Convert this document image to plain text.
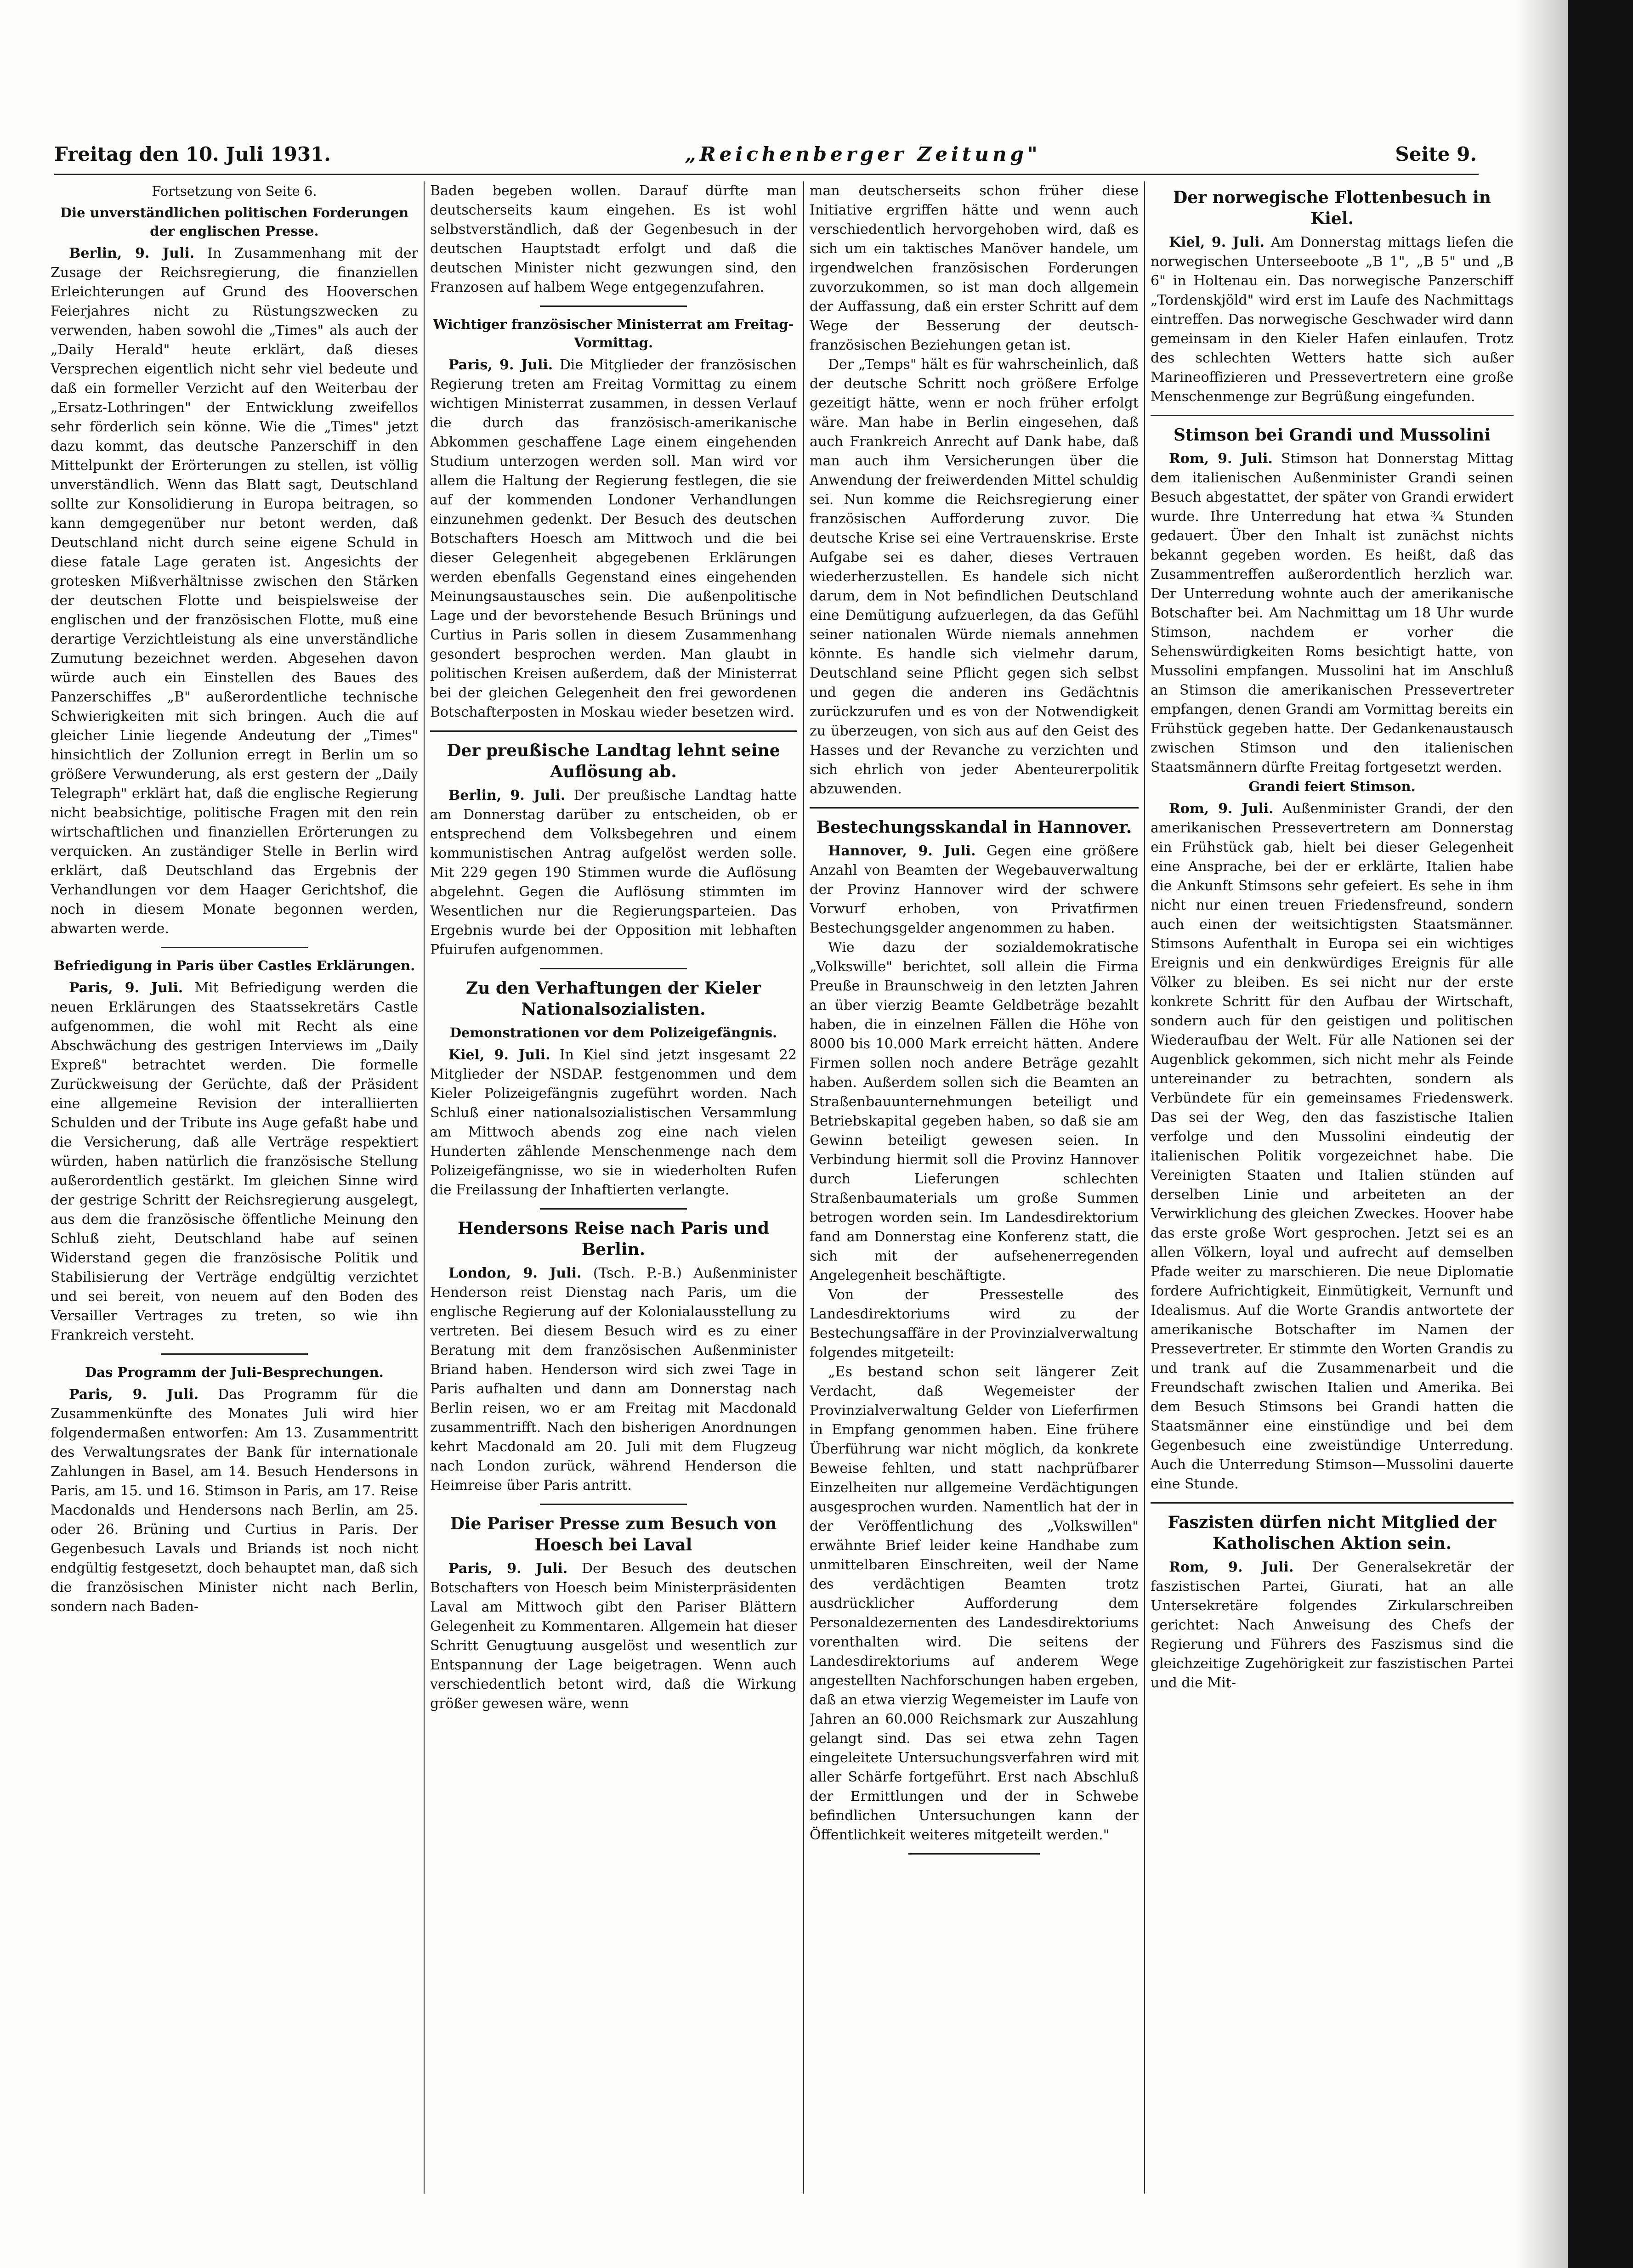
Freitag den 10. Juli 1931.	„Reichenberger Zeitung"	Seite 9.
Fortsetzung von Seite 6.
Die unverständlichen politischen Forderungen der englischen Presse.

Berlin, 9. Juli. In Zusammenhang mit der Zusage der Reichsregierung, die finanziellen Erleichterungen auf Grund des Hooverschen Feierjahres nicht zu Rüstungszwecken zu verwenden, haben sowohl die „Times" als auch der „Daily Herald" heute erklärt, daß dieses Versprechen eigentlich nicht sehr viel bedeute und daß ein formeller Verzicht auf den Weiterbau der „Ersatz-Lothringen" der Entwicklung zweifellos sehr förderlich sein könne. Wie die „Times" jetzt dazu kommt, das deutsche Panzerschiff in den Mittelpunkt der Erörterungen zu stellen, ist völlig unverständlich. Wenn das Blatt sagt, Deutschland sollte zur Konsolidierung in Europa beitragen, so kann demgegenüber nur betont werden, daß Deutschland nicht durch seine eigene Schuld in diese fatale Lage geraten ist. Angesichts der grotesken Mißverhältnisse zwischen den Stärken der deutschen Flotte und beispielsweise der englischen und der französischen Flotte, muß eine derartige Verzichtleistung als eine unverständliche Zumutung bezeichnet werden. Abgesehen davon würde auch ein Einstellen des Baues des Panzerschiffes „B" außerordentliche technische Schwierigkeiten mit sich bringen. Auch die auf gleicher Linie liegende Andeutung der „Times" hinsichtlich der Zollunion erregt in Berlin um so größere Verwunderung, als erst gestern der „Daily Telegraph" erklärt hat, daß die englische Regierung nicht beabsichtige, politische Fragen mit den rein wirtschaftlichen und finanziellen Erörterungen zu verquicken. An zuständiger Stelle in Berlin wird erklärt, daß Deutschland das Ergebnis der Verhandlungen vor dem Haager Gerichtshof, die noch in diesem Monate begonnen werden, abwarten werde.

Befriedigung in Paris über Castles Erklärungen.

Paris, 9. Juli. Mit Befriedigung werden die neuen Erklärungen des Staatssekretärs Castle aufgenommen, die wohl mit Recht als eine Abschwächung des gestrigen Interviews im „Daily Expreß" betrachtet werden. Die formelle Zurückweisung der Gerüchte, daß der Präsident eine allgemeine Revision der interalliierten Schulden und der Tribute ins Auge gefaßt habe und die Versicherung, daß alle Verträge respektiert würden, haben natürlich die französische Stellung außerordentlich gestärkt. Im gleichen Sinne wird der gestrige Schritt der Reichsregierung ausgelegt, aus dem die französische öffentliche Meinung den Schluß zieht, Deutschland habe auf seinen Widerstand gegen die französische Politik und Stabilisierung der Verträge endgültig verzichtet und sei bereit, von neuem auf den Boden des Versailler Vertrages zu treten, so wie ihn Frankreich versteht.

Das Programm der Juli-Besprechungen.

Paris, 9. Juli. Das Programm für die Zusammenkünfte des Monates Juli wird hier folgendermaßen entworfen: Am 13. Zusammentritt des Verwaltungsrates der Bank für internationale Zahlungen in Basel, am 14. Besuch Hendersons in Paris, am 15. und 16. Stimson in Paris, am 17. Reise Macdonalds und Hendersons nach Berlin, am 25. oder 26. Brüning und Curtius in Paris. Der Gegenbesuch Lavals und Briands ist noch nicht endgültig festgesetzt, doch behauptet man, daß sich die französischen Minister nicht nach Berlin, sondern nach Baden-

Baden begeben wollen. Darauf dürfte man deutscherseits kaum eingehen. Es ist wohl selbstverständlich, daß der Gegenbesuch in der deutschen Hauptstadt erfolgt und daß die deutschen Minister nicht gezwungen sind, den Franzosen auf halbem Wege entgegenzufahren.

Wichtiger französischer Ministerrat am Freitag-Vormittag.

Paris, 9. Juli. Die Mitglieder der französischen Regierung treten am Freitag Vormittag zu einem wichtigen Ministerrat zusammen, in dessen Verlauf die durch das französisch-amerikanische Abkommen geschaffene Lage einem eingehenden Studium unterzogen werden soll. Man wird vor allem die Haltung der Regierung festlegen, die sie auf der kommenden Londoner Verhandlungen einzunehmen gedenkt. Der Besuch des deutschen Botschafters Hoesch am Mittwoch und die bei dieser Gelegenheit abgegebenen Erklärungen werden ebenfalls Gegenstand eines eingehenden Meinungsaustausches sein. Die außenpolitische Lage und der bevorstehende Besuch Brünings und Curtius in Paris sollen in diesem Zusammenhang gesondert besprochen werden. Man glaubt in politischen Kreisen außerdem, daß der Ministerrat bei der gleichen Gelegenheit den frei gewordenen Botschafterposten in Moskau wieder besetzen wird.

Der preußische Landtag lehnt seine Auflösung ab.

Berlin, 9. Juli. Der preußische Landtag hatte am Donnerstag darüber zu entscheiden, ob er entsprechend dem Volksbegehren und einem kommunistischen Antrag aufgelöst werden solle. Mit 229 gegen 190 Stimmen wurde die Auflösung abgelehnt. Gegen die Auflösung stimmten im Wesentlichen nur die Regierungsparteien. Das Ergebnis wurde bei der Opposition mit lebhaften Pfuirufen aufgenommen.

Zu den Verhaftungen der Kieler Nationalsozialisten.
Demonstrationen vor dem Polizeigefängnis.

Kiel, 9. Juli. In Kiel sind jetzt insgesamt 22 Mitglieder der NSDAP. festgenommen und dem Kieler Polizeigefängnis zugeführt worden. Nach Schluß einer nationalsozialistischen Versammlung am Mittwoch abends zog eine nach vielen Hunderten zählende Menschenmenge nach dem Polizeigefängnisse, wo sie in wiederholten Rufen die Freilassung der Inhaftierten verlangte.

Hendersons Reise nach Paris und Berlin.

London, 9. Juli. (Tsch. P.-B.) Außenminister Henderson reist Dienstag nach Paris, um die englische Regierung auf der Kolonialausstellung zu vertreten. Bei diesem Besuch wird es zu einer Beratung mit dem französischen Außenminister Briand haben. Henderson wird sich zwei Tage in Paris aufhalten und dann am Donnerstag nach Berlin reisen, wo er am Freitag mit Macdonald zusammentrifft. Nach den bisherigen Anordnungen kehrt Macdonald am 20. Juli mit dem Flugzeug nach London zurück, während Henderson die Heimreise über Paris antritt.

Die Pariser Presse zum Besuch von Hoesch bei Laval

Paris, 9. Juli. Der Besuch des deutschen Botschafters von Hoesch beim Ministerpräsidenten Laval am Mittwoch gibt den Pariser Blättern Gelegenheit zu Kommentaren. Allgemein hat dieser Schritt Genugtuung ausgelöst und wesentlich zur Entspannung der Lage beigetragen. Wenn auch verschiedentlich betont wird, daß die Wirkung größer gewesen wäre, wenn

man deutscherseits schon früher diese Initiative ergriffen hätte und wenn auch verschiedentlich hervorgehoben wird, daß es sich um ein taktisches Manöver handele, um irgendwelchen französischen Forderungen zuvorzukommen, so ist man doch allgemein der Auffassung, daß ein erster Schritt auf dem Wege der Besserung der deutsch-französischen Beziehungen getan ist.

Der „Temps" hält es für wahrscheinlich, daß der deutsche Schritt noch größere Erfolge gezeitigt hätte, wenn er noch früher erfolgt wäre. Man habe in Berlin eingesehen, daß auch Frankreich Anrecht auf Dank habe, daß man auch ihm Versicherungen über die Anwendung der freiwerdenden Mittel schuldig sei. Nun komme die Reichsregierung einer französischen Aufforderung zuvor. Die deutsche Krise sei eine Vertrauenskrise. Erste Aufgabe sei es daher, dieses Vertrauen wiederherzustellen. Es handele sich nicht darum, dem in Not befindlichen Deutschland eine Demütigung aufzuerlegen, da das Gefühl seiner nationalen Würde niemals annehmen könnte. Es handle sich vielmehr darum, Deutschland seine Pflicht gegen sich selbst und gegen die anderen ins Gedächtnis zurückzurufen und es von der Notwendigkeit zu überzeugen, von sich aus auf den Geist des Hasses und der Revanche zu verzichten und sich ehrlich von jeder Abenteurerpolitik abzuwenden.

Bestechungsskandal in Hannover.

Hannover, 9. Juli. Gegen eine größere Anzahl von Beamten der Wegebauverwaltung der Provinz Hannover wird der schwere Vorwurf erhoben, von Privatfirmen Bestechungsgelder angenommen zu haben.

Wie dazu der sozialdemokratische „Volkswille" berichtet, soll allein die Firma Preuße in Braunschweig in den letzten Jahren an über vierzig Beamte Geldbeträge bezahlt haben, die in einzelnen Fällen die Höhe von 8000 bis 10.000 Mark erreicht hätten. Andere Firmen sollen noch andere Beträge gezahlt haben. Außerdem sollen sich die Beamten an Straßenbauunternehmungen beteiligt und Betriebskapital gegeben haben, so daß sie am Gewinn beteiligt gewesen seien. In Verbindung hiermit soll die Provinz Hannover durch Lieferungen schlechten Straßenbaumaterials um große Summen betrogen worden sein. Im Landesdirektorium fand am Donnerstag eine Konferenz statt, die sich mit der aufsehenerregenden Angelegenheit beschäftigte.

Von der Pressestelle des Landesdirektoriums wird zu der Bestechungsaffäre in der Provinzialverwaltung folgendes mitgeteilt:

„Es bestand schon seit längerer Zeit Verdacht, daß Wegemeister der Provinzialverwaltung Gelder von Lieferfirmen in Empfang genommen haben. Eine frühere Überführung war nicht möglich, da konkrete Beweise fehlten, und statt nachprüfbarer Einzelheiten nur allgemeine Verdächtigungen ausgesprochen wurden. Namentlich hat der in der Veröffentlichung des „Volkswillen" erwähnte Brief leider keine Handhabe zum unmittelbaren Einschreiten, weil der Name des verdächtigen Beamten trotz ausdrücklicher Aufforderung dem Personaldezernenten des Landesdirektoriums vorenthalten wird. Die seitens der Landesdirektoriums auf anderem Wege angestellten Nachforschungen haben ergeben, daß an etwa vierzig Wegemeister im Laufe von Jahren an 60.000 Reichsmark zur Auszahlung gelangt sind. Das sei etwa zehn Tagen eingeleitete Untersuchungsverfahren wird mit aller Schärfe fortgeführt. Erst nach Abschluß der Ermittlungen und der in Schwebe befindlichen Untersuchungen kann der Öffentlichkeit weiteres mitgeteilt werden."

Der norwegische Flottenbesuch in Kiel.

Kiel, 9. Juli. Am Donnerstag mittags liefen die norwegischen Unterseeboote „B 1", „B 5" und „B 6" in Holtenau ein. Das norwegische Panzerschiff „Tordenskjöld" wird erst im Laufe des Nachmittags eintreffen. Das norwegische Geschwader wird dann gemeinsam in den Kieler Hafen einlaufen. Trotz des schlechten Wetters hatte sich außer Marineoffizieren und Pressevertretern eine große Menschenmenge zur Begrüßung eingefunden.

Stimson bei Grandi und Mussolini

Rom, 9. Juli. Stimson hat Donnerstag Mittag dem italienischen Außenminister Grandi seinen Besuch abgestattet, der später von Grandi erwidert wurde. Ihre Unterredung hat etwa ¾ Stunden gedauert. Über den Inhalt ist zunächst nichts bekannt gegeben worden. Es heißt, daß das Zusammentreffen außerordentlich herzlich war. Der Unterredung wohnte auch der amerikanische Botschafter bei. Am Nachmittag um 18 Uhr wurde Stimson, nachdem er vorher die Sehenswürdigkeiten Roms besichtigt hatte, von Mussolini empfangen. Mussolini hat im Anschluß an Stimson die amerikanischen Pressevertreter empfangen, denen Grandi am Vormittag bereits ein Frühstück gegeben hatte. Der Gedankenaustausch zwischen Stimson und den italienischen Staatsmännern dürfte Freitag fortgesetzt werden.

Grandi feiert Stimson.

Rom, 9. Juli. Außenminister Grandi, der den amerikanischen Pressevertretern am Donnerstag ein Frühstück gab, hielt bei dieser Gelegenheit eine Ansprache, bei der er erklärte, Italien habe die Ankunft Stimsons sehr gefeiert. Es sehe in ihm nicht nur einen treuen Friedensfreund, sondern auch einen der weitsichtigsten Staatsmänner. Stimsons Aufenthalt in Europa sei ein wichtiges Ereignis und ein denkwürdiges Ereignis für alle Völker zu bleiben. Es sei nicht nur der erste konkrete Schritt für den Aufbau der Wirtschaft, sondern auch für den geistigen und politischen Wiederaufbau der Welt. Für alle Nationen sei der Augenblick gekommen, sich nicht mehr als Feinde untereinander zu betrachten, sondern als Verbündete für ein gemeinsames Friedenswerk. Das sei der Weg, den das faszistische Italien verfolge und den Mussolini eindeutig der italienischen Politik vorgezeichnet habe. Die Vereinigten Staaten und Italien stünden auf derselben Linie und arbeiteten an der Verwirklichung des gleichen Zweckes. Hoover habe das erste große Wort gesprochen. Jetzt sei es an allen Völkern, loyal und aufrecht auf demselben Pfade weiter zu marschieren. Die neue Diplomatie fordere Aufrichtigkeit, Einmütigkeit, Vernunft und Idealismus. Auf die Worte Grandis antwortete der amerikanische Botschafter im Namen der Pressevertreter. Er stimmte den Worten Grandis zu und trank auf die Zusammenarbeit und die Freundschaft zwischen Italien und Amerika. Bei dem Besuch Stimsons bei Grandi hatten die Staatsmänner eine einstündige und bei dem Gegenbesuch eine zweistündige Unterredung. Auch die Unterredung Stimson—Mussolini dauerte eine Stunde.

Faszisten dürfen nicht Mitglied der Katholischen Aktion sein.

Rom, 9. Juli. Der Generalsekretär der faszistischen Partei, Giurati, hat an alle Untersekretäre folgendes Zirkularschreiben gerichtet: Nach Anweisung des Chefs der Regierung und Führers des Faszismus sind die gleichzeitige Zugehörigkeit zur faszistischen Partei und die Mit-
